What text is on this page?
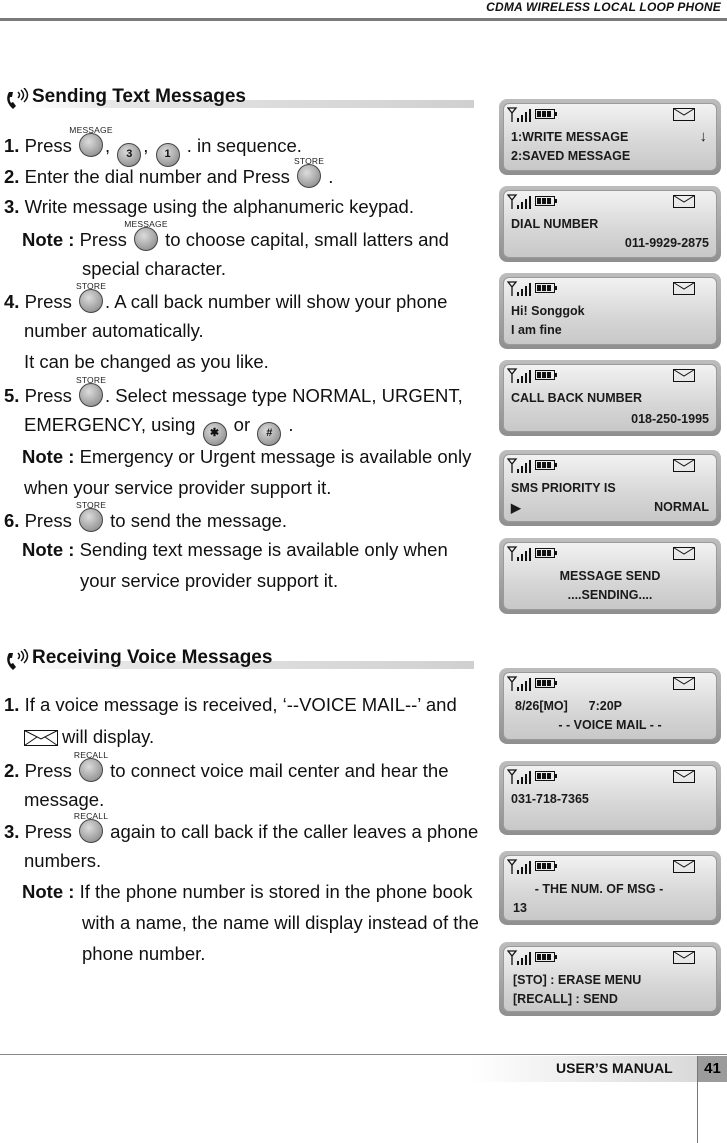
CDMA WIRELESS LOCAL LOOP PHONE
Sending Text Messages
1. Press
MESSAGE
, 3 , 1 . in sequence.
2. Enter the dial number and Press
STORE
.
3. Write message using the alphanumeric keypad.
Note : Press
MESSAGE
to choose capital, small latters and
special character.
4. Press
STORE
. A call back number will show your phone
number automatically.
It can be changed as you like.
5. Press
STORE
. Select message type NORMAL, URGENT,
EMERGENCY, using ✱ or # .
Note : Emergency or Urgent message is available only
when your service provider support it.
6. Press
STORE
to send the message.
Note : Sending text message is available only when
your service provider support it.
Receiving Voice Messages
1. If a voice message is received, ‘--VOICE MAIL--’ and
will display.
2. Press
RECALL
to connect voice mail center and hear the
message.
3. Press
RECALL
again to call back if the caller leaves a phone
numbers.
Note : If the phone number is stored in the phone book
with a name, the name will display instead of the
phone number.
1:WRITE MESSAGE	↓
2:SAVED MESSAGE
DIAL NUMBER
011-9929-2875
Hi! Songgok
I am fine
CALL BACK NUMBER
018-250-1995
SMS PRIORITY IS
▶	NORMAL
MESSAGE SEND
....SENDING....
8/26[MO]      7:20P
- - VOICE MAIL - -
031-718-7365
- THE NUM. OF MSG -
13
[STO] : ERASE MENU
[RECALL] : SEND
USER’S MANUAL	41
